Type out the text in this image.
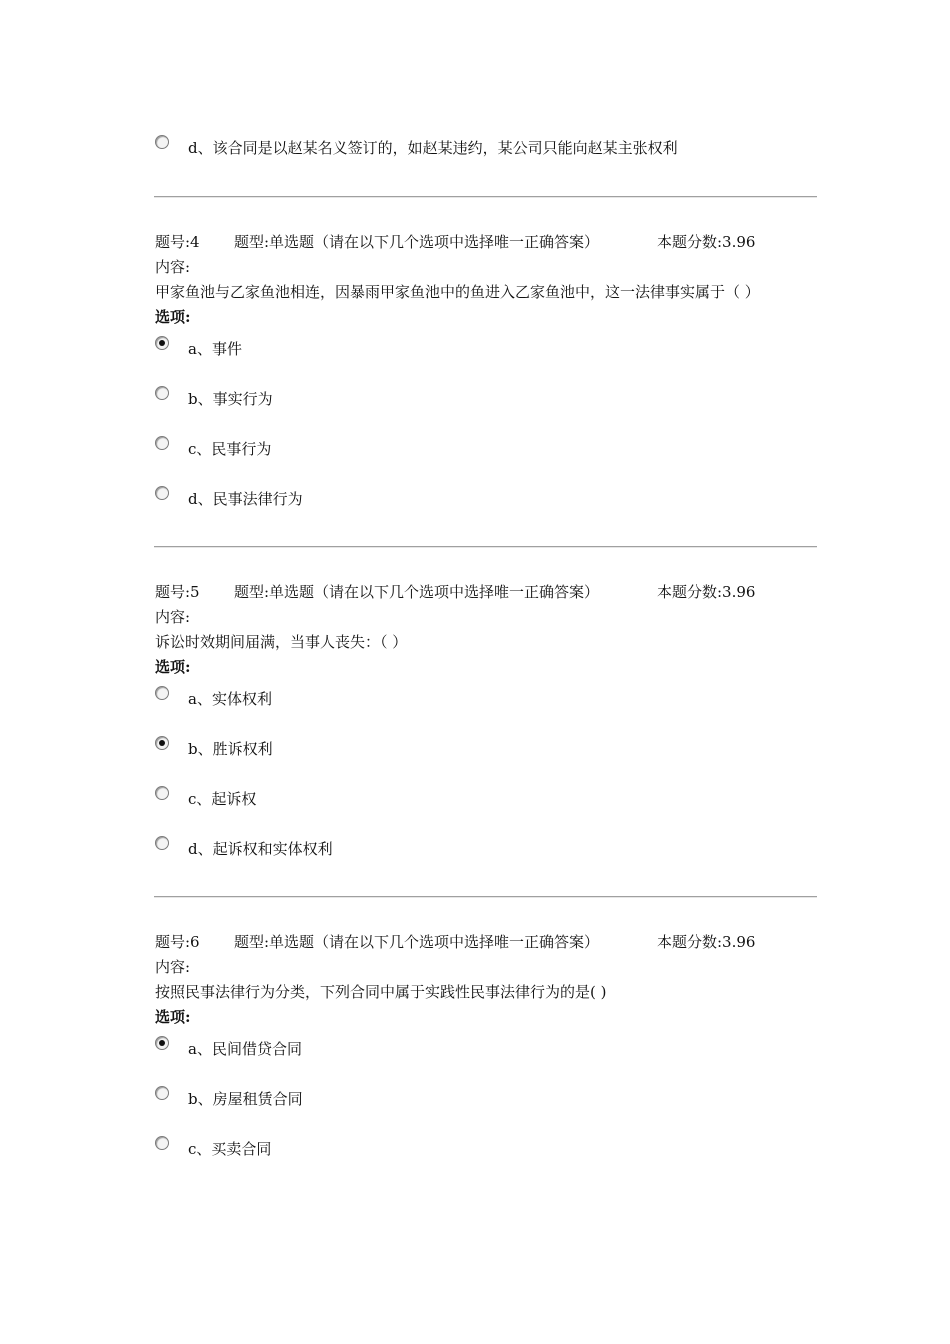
d、该合同是以赵某名义签订的，如赵某违约，某公司只能向赵某主张权利
题号:4 题型:单选题（请在以下几个选项中选择唯一正确答案）	本题分数:3.96
内容:
甲家鱼池与乙家鱼池相连，因暴雨甲家鱼池中的鱼进入乙家鱼池中，这一法律事实属于（ ）
选项:
a、事件
b、事实行为
c、民事行为
d、民事法律行为
题号:5 题型:单选题（请在以下几个选项中选择唯一正确答案）	本题分数:3.96
内容:
诉讼时效期间届满，当事人丧失：（ ）
选项:
a、实体权利
b、胜诉权利
c、起诉权
d、起诉权和实体权利
题号:6 题型:单选题（请在以下几个选项中选择唯一正确答案）	本题分数:3.96
内容:
按照民事法律行为分类，下列合同中属于实践性民事法律行为的是( )
选项:
a、民间借贷合同
b、房屋租赁合同
c、买卖合同
